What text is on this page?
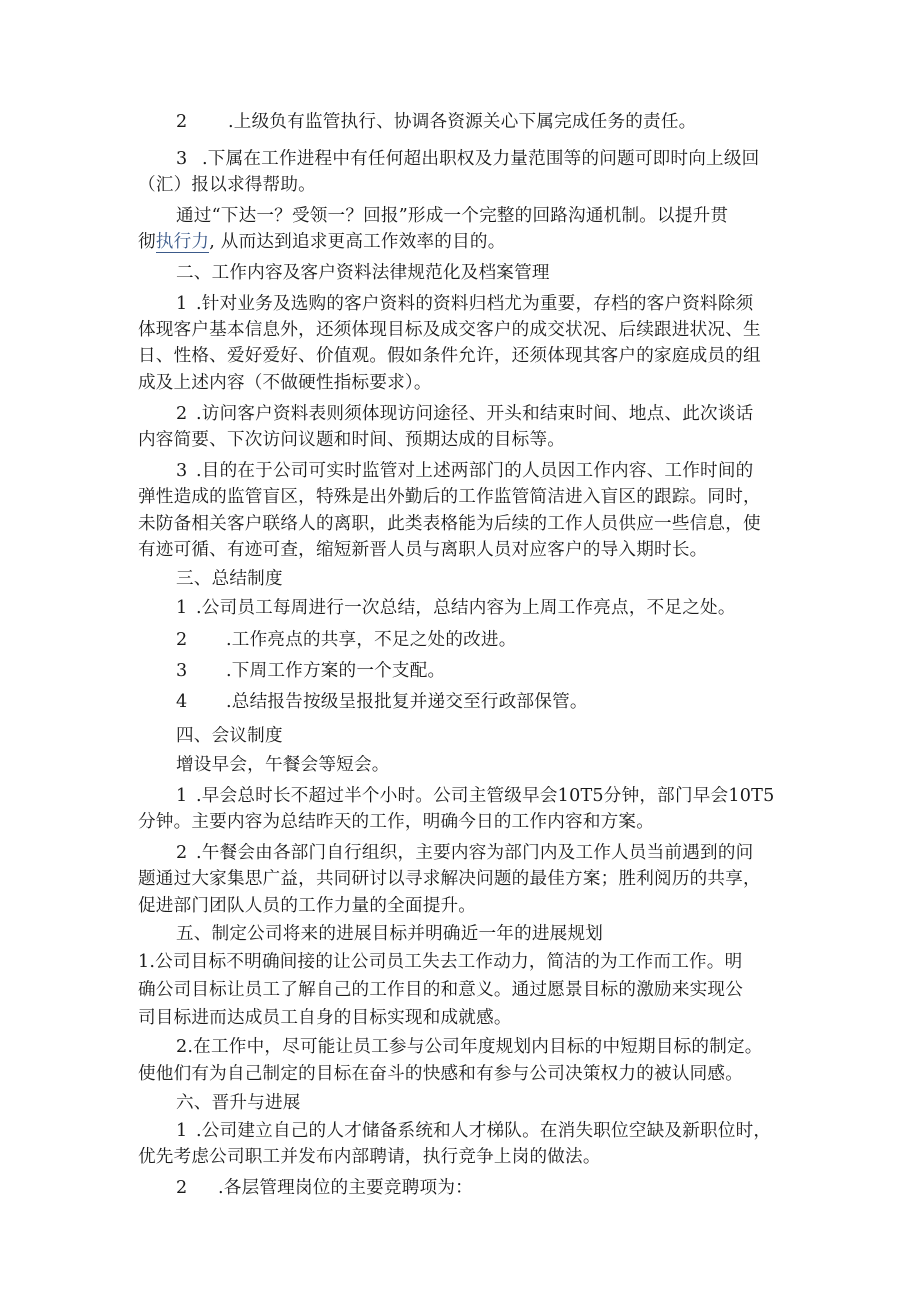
2 .上级负有监管执行、协调各资源关心下属完成任务的责任。
3 .下属在工作进程中有任何超出职权及力量范围等的问题可即时向上级回
（汇）报以求得帮助。
通过“下达一？受领一？回报”形成一个完整的回路沟通机制。以提升贯
彻执行力, 从而达到追求更高工作效率的目的。
二、工作内容及客户资料法律规范化及档案管理
1 .针对业务及选购的客户资料的资料归档尤为重要，存档的客户资料除须
体现客户基本信息外，还须体现目标及成交客户的成交状况、后续跟进状况、生
日、性格、爱好爱好、价值观。假如条件允许，还须体现其客户的家庭成员的组
成及上述内容（不做硬性指标要求）。
2 .访问客户资料表则须体现访问途径、开头和结束时间、地点、此次谈话
内容简要、下次访问议题和时间、预期达成的目标等。
3 .目的在于公司可实时监管对上述两部门的人员因工作内容、工作时间的
弹性造成的监管盲区，特殊是出外勤后的工作监管简洁进入盲区的跟踪。同时，
未防备相关客户联络人的离职，此类表格能为后续的工作人员供应一些信息，使
有迹可循、有迹可查，缩短新晋人员与离职人员对应客户的导入期时长。
三、总结制度
1 .公司员工每周进行一次总结，总结内容为上周工作亮点，不足之处。
2 .工作亮点的共享，不足之处的改进。
3 .下周工作方案的一个支配。
4 .总结报告按级呈报批复并递交至行政部保管。
四、会议制度
增设早会，午餐会等短会。
1 .早会总时长不超过半个小时。公司主管级早会10T5分钟，部门早会10T5
分钟。主要内容为总结昨天的工作，明确今日的工作内容和方案。
2 .午餐会由各部门自行组织，主要内容为部门内及工作人员当前遇到的问
题通过大家集思广益，共同研讨以寻求解决问题的最佳方案；胜利阅历的共享，
促进部门团队人员的工作力量的全面提升。
五、制定公司将来的进展目标并明确近一年的进展规划
1.公司目标不明确间接的让公司员工失去工作动力，简洁的为工作而工作。明
确公司目标让员工了解自己的工作目的和意义。通过愿景目标的激励来实现公
司目标进而达成员工自身的目标实现和成就感。
2.在工作中，尽可能让员工参与公司年度规划内目标的中短期目标的制定。
使他们有为自己制定的目标在奋斗的快感和有参与公司决策权力的被认同感。
六、晋升与进展
1 .公司建立自己的人才储备系统和人才梯队。在消失职位空缺及新职位时，
优先考虑公司职工并发布内部聘请，执行竞争上岗的做法。
2 .各层管理岗位的主要竞聘项为：
